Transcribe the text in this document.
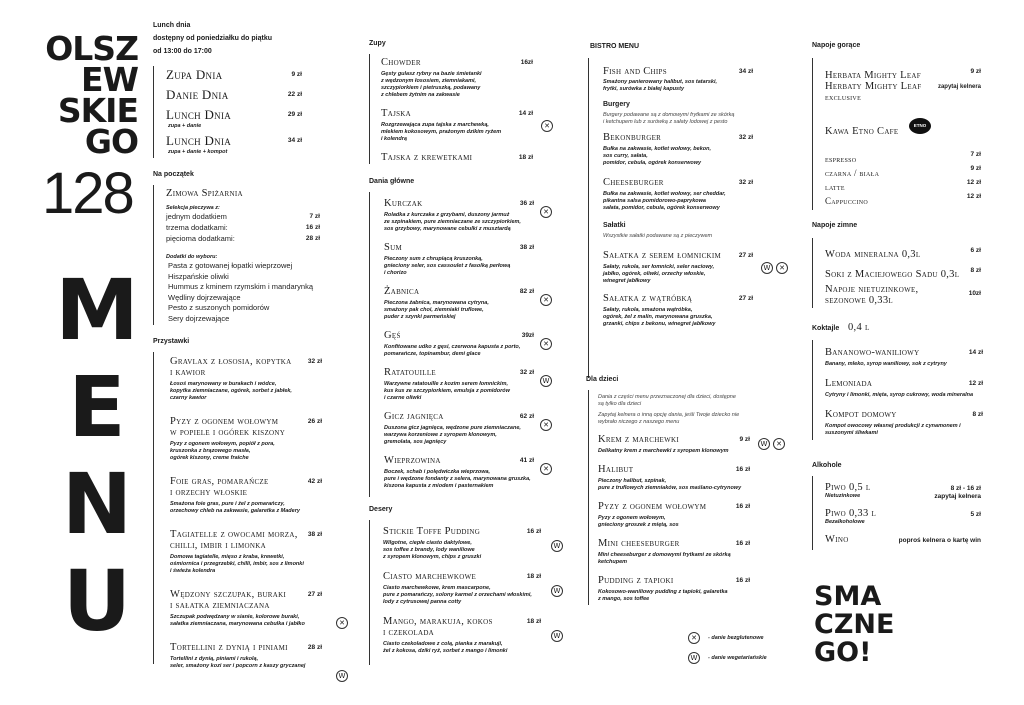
OLSZ
EW
SKIE
GO
128
M
E
N
U
Lunch dnia
dostępny od poniedziałku do piątku
od 13:00 do 17:00
Zupa Dnia	9 zł
Danie Dnia	22 zł
Lunch Dnia	29 zł
zupa + danie
Lunch Dnia	34 zł
zupa + danie + kompot
Na początek
Zimowa Spiżarnia
Selekcja pieczywa z:
jednym dodatkiem	7 zł
trzema dodatkami:	16 zł
pięcioma dodatkami:	28 zł
Dodatki do wyboru:
Pasta z gotowanej łopatki wieprzowej
Hiszpańskie oliwki
Hummus z kminem rzymskim i mandarynką
Wędliny dojrzewające
Pesto z suszonych pomidorów
Sery dojrzewające
Przystawki
Gravlax z łososia, kopytka
i kawior
32 zł
Łosoś marynowany w burakach i wódce,
kopytka ziemniaczane, ogórek, sorbet z jabłek,
czarny kawior
Pyzy z ogonem wołowym
w popiele i ogórek kiszony
26 zł
Pyzy z ogonem wołowym, popiół z pora,
kruszonka z brązowego masła,
ogórek kiszony, creme fraiche
Foie gras, pomarańcze
i orzechy włoskie
42 zł
Smażona foie gras, pure i żel z pomarańczy,
orzechowy chleb na zakwasie, galaretka z Madery
Tagiatelle z owocami morza,
chilli, imbir i limonka
38 zł
Domowa tagiatelle, mięso z kraba, krewetki,
ośmiornica i przegrzebki, chilli, imbir, sos z limonki
i świeża kolendra
Wędzony szczupak, buraki
i sałatka ziemniaczana
27 zł
Szczupak podwędzany w sianie, kolorowe buraki,
sałatka ziemniaczana, marynowana cebulka i jabłko	✕
Tortellini z dynią i piniami	28 zł
Tortellini z dynią, piniami i rukolą,
seler, smażony kozi ser i popcorn z kaszy gryczanej
W
Zupy
Chowder	16zł
Gęsty gulasz rybny na bazie śmietanki
z wędzonym łososiem, ziemniakami,
szczypiorkiem i pietruszką, podawany
z chlebem żytnim na zakwasie
Tajska	14 zł
Rozgrzewająca zupa tajska z marchewką,
mlekiem kokosowym, prażonym dzikim ryżem
i kolendrą
✕
Tajska z krewetkami	18 zł
Dania główne
Kurczak	36 zł
Roladka z kurczaka z grzybami, duszony jarmuż
ze szpinakiem, pure ziemniaczane ze szczypiorkiem,
sos grzybowy, marynowane cebulki z musztardą
✕
Sum	38 zł
Pieczony sum z chrupiącą kruszonką,
gnieciony seler, sos cassoulet z fasolką perłową
i chorizo
Żabnica	82 zł
Pieczona żabnica, marynowana cytryna,
smażony pak choi, ziemniaki truflowe,
puder z szynki parmeńskiej
✕
Gęś	39zł
Konfitowane udko z gęsi, czerwona kapusta z porto,
pomarańcze, topinambur, demi glace
✕
Ratatouille	32 zł
Warzywne ratatouille z kozim serem łomnickim,
kus kus ze szczypiorkiem, emulsja z pomidorów
i czarne oliwki
W
Gicz jagnięca	62 zł
Duszona gicz jagnięca, wędzone pure ziemniaczane,
warzywa korzeniowe z syropem klonowym,
gremolata, sos jagnięcy
✕
Wieprzowina	41 zł
Boczek, schab i polędwiczka wieprzowa,
pure i wędzone fondanty z selera, marynowana gruszka,
kiszona kapusta z miodem i pasternakiem
✕
Desery
Stickie Toffe Pudding	16 zł
Wilgotne, ciepłe ciasto daktylowe,
sos toffee z brandy, lody waniliowe
z syropem klonowym, chips z gruszki
W
Ciasto marchewkowe	18 zł
Ciasto marchewkowe, krem mascarpone,
pure z pomarańczy, solony karmel z orzechami włoskimi,
lody z cytrusowej panna cotty
W
Mango, marakuja, kokos
i czekolada
18 zł
Ciasto czekoladowe z colą, pianka z marakuji,
żel z kokosa, dziki ryż, sorbet z mango i limonki
W
BISTRO MENU
Fish and Chips	34 zł
Smażony panierowany halibut, sos tatarski,
frytki, surówka z białej kapusty
Burgery
Burgery podawane są z domowymi frytkami ze skórką
i ketchupem lub z surówką z sałaty lodowej z pesto
Bekonburger	32 zł
Bułka na zakwasie, kotlet wołowy, bekon,
sos curry, sałata,
pomidor, cebula, ogórek konserwowy
Cheeseburger	32 zł
Bułka na zakwasie, kotlet wołowy, ser cheddar,
pikantna salsa pomidorowo-paprykowa
sałata, pomidor, cebula, ogórek konserwowy
Sałatki
Wszystkie sałatki podawane są z pieczywem
Sałatka z serem łomnickim	27 zł
Sałaty, rukola, ser łomnicki, seler naciowy,
jabłko, ogórek, oliwki, orzechy włoskie,
winegret jabłkowy
W	✕
Sałatka z wątróbką	27 zł
Sałaty, rukola, smażona wątróbka,
ogórek, żel z malin, marynowana gruszka,
grzanki, chips z bekonu, winegret jabłkowy
Dla dzieci
Dania z części menu przeznaczonej dla dzieci, dostępne
są tylko dla dzieci
Zapytaj kelnera o inną opcję dania, jeśli Twoje dziecko nie
wybrało niczego z naszego menu
Krem z marchewki	9 zł
Delikatny krem z marchewki z syropem klonowym
W	✕
Halibut	16 zł
Pieczony halibut, szpinak,
pure z truflowych ziemniaków, sos maślano-cytrynowy
Pyzy z ogonem wołowym	16 zł
Pyzy z ogonem wołowym,
gnieciony groszek z miętą, sos
Mini cheeseburger	16 zł
Mini cheeseburger z domowymi frytkami ze skórką
ketchupem
Pudding z tapioki	16 zł
Kokosowo-waniliowy pudding z tapioki, galaretka
z mango, sos toffee
✕	- danie bezglutenowe
W	- danie wegetariańskie
Napoje gorące
Herbata Mighty Leaf	9 zł
Herbaty Mighty Leaf
exclusive
zapytaj kelnera
Kawa Etno Cafe
ETNO
espresso	7 zł
czarna / biała	9 zł
latte	12 zł
Cappuccino	12 zł
Napoje zimne
Woda mineralna 0,3l	6 zł
Soki z Maciejowego Sadu 0,3l 8 zł
Napoje nietuzinkowe,
sezonowe 0,33l
10zł
Koktajle 0,4 l
Bananowo-waniliowy	14 zł
Banany, mleko, syrop waniliowy, sok z cytryny
Lemoniada	12 zł
Cytryny i limonki, mięta, syrop cukrowy, woda mineralna
Kompot domowy	8 zł
Kompot owocowy własnej produkcji z cynamonem i suszonymi śliwkami
Alkohole
Piwo 0,5 l
Nietuzinkowe
8 zł - 16 zł
zapytaj kelnera
Piwo 0,33 l
Bezalkoholowe
5 zł
Wino	poproś kelnera o kartę win
SMA
CZNE
GO!
